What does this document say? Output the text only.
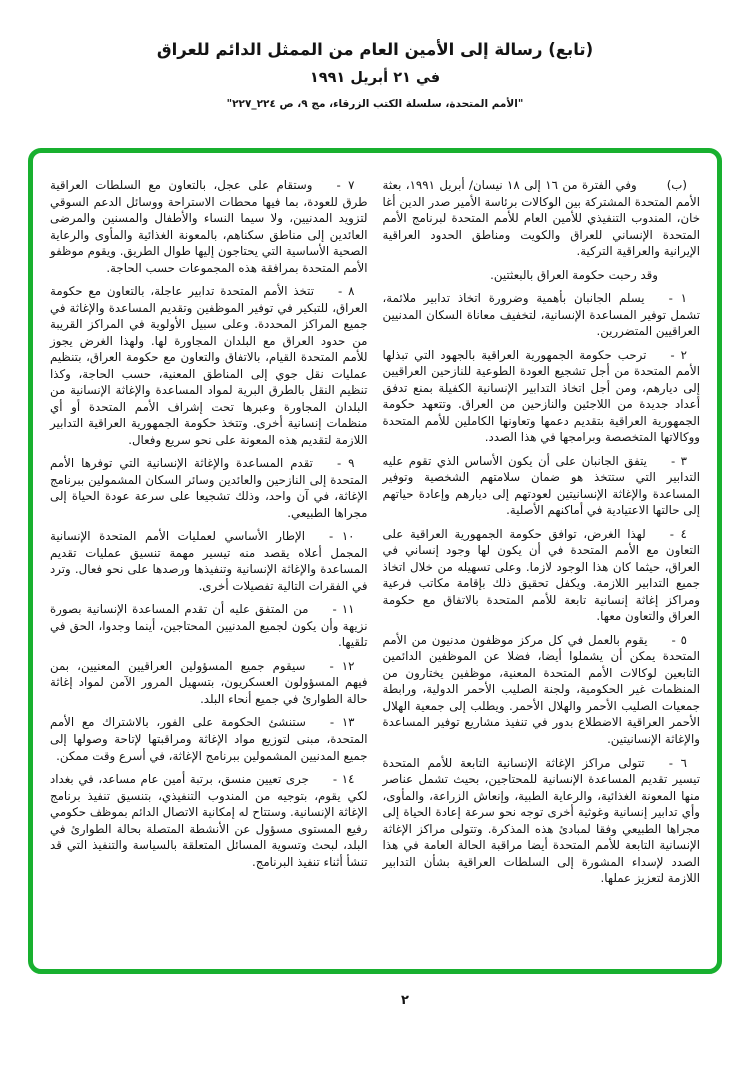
(تابع) رسالة إلى الأمين العام من الممثل الدائم للعراق

في ٢١ أبريل ١٩٩١

"الأمم المتحدة، سلسلة الكتب الزرقاء، مج ٩، ص ٢٢٤_٢٢٧"

(ب)وفي الفترة من ١٦ إلى ١٨ نيسان/ أبريل ١٩٩١، بعثة الأمم المتحدة المشتركة بين الوكالات برئاسة الأمير صدر الدين أغا خان، المندوب التنفيذي للأمين العام للأمم المتحدة لبرنامج الأمم المتحدة الإنساني للعراق والكويت ومناطق الحدود العراقية الإيرانية والعراقية التركية.

وقد رحبت حكومة العراق بالبعثتين.

١ -يسلم الجانبان بأهمية وضرورة اتخاذ تدابير ملائمة، تشمل توفير المساعدة الإنسانية، لتخفيف معاناة السكان المدنيين العراقيين المتضررين.

٢ -ترحب حكومة الجمهورية العراقية بالجهود التي تبذلها الأمم المتحدة من أجل تشجيع العودة الطوعية للنازحين العراقيين إلى ديارهم، ومن أجل اتخاذ التدابير الإنسانية الكفيلة بمنع تدفق أعداد جديدة من اللاجئين والنازحين من العراق. وتتعهد حكومة الجمهورية العراقية بتقديم دعمها وتعاونها الكاملين للأمم المتحدة ووكالاتها المتخصصة وبرامجها في هذا الصدد.

٣ -يتفق الجانبان على أن يكون الأساس الذي تقوم عليه التدابير التي ستتخذ هو ضمان سلامتهم الشخصية وتوفير المساعدة والإغاثة الإنسانيتين لعودتهم إلى ديارهم وإعادة حياتهم إلى حالتها الاعتيادية في أماكنهم الأصلية.

٤ -لهذا الغرض، توافق حكومة الجمهورية العراقية على التعاون مع الأمم المتحدة في أن يكون لها وجود إنساني في العراق، حيثما كان هذا الوجود لازما. وعلى تسهيله من خلال اتخاذ جميع التدابير اللازمة. ويكفل تحقيق ذلك بإقامة مكاتب فرعية ومراكز إغاثة إنسانية تابعة للأمم المتحدة بالاتفاق مع حكومة العراق والتعاون معها.

٥ -يقوم بالعمل في كل مركز موظفون مدنيون من الأمم المتحدة يمكن أن يشملوا أيضا، فضلا عن الموظفين الدائمين التابعين لوكالات الأمم المتحدة المعنية، موظفين يختارون من المنظمات غير الحكومية، ولجنة الصليب الأحمر الدولية، ورابطة جمعيات الصليب الأحمر والهلال الأحمر. ويطلب إلى جمعية الهلال الأحمر العراقية الاضطلاع بدور في تنفيذ مشاريع توفير المساعدة والإغاثة الإنسانيتين.

٦ -تتولى مراكز الإغاثة الإنسانية التابعة للأمم المتحدة تيسير تقديم المساعدة الإنسانية للمحتاجين، بحيث تشمل عناصر منها المعونة الغذائية، والرعاية الطبية، وإنعاش الزراعة، والمأوى، وأي تدابير إنسانية وغوثية أخرى توجه نحو سرعة إعادة الحياة إلى مجراها الطبيعي وفقا لمبادئ هذه المذكرة. وتتولى مراكز الإغاثة الإنسانية التابعة للأمم المتحدة أيضا مراقبة الحالة العامة في هذا الصدد لإسداء المشورة إلى السلطات العراقية بشأن التدابير اللازمة لتعزيز عملها.

٧ -وستقام على عجل، بالتعاون مع السلطات العراقية طرق للعودة، بما فيها محطات الاستراحة ووسائل الدعم السوقي لتزويد المدنيين، ولا سيما النساء والأطفال والمسنين والمرضى العائدين إلى مناطق سكناهم، بالمعونة الغذائية والمأوى والرعاية الصحية الأساسية التي يحتاجون إليها طوال الطريق. ويقوم موظفو الأمم المتحدة بمرافقة هذه المجموعات حسب الحاجة.

٨ -تتخذ الأمم المتحدة تدابير عاجلة، بالتعاون مع حكومة العراق، للتبكير في توفير الموظفين وتقديم المساعدة والإغاثة في جميع المراكز المحددة. وعلى سبيل الأولوية في المراكز القريبة من حدود العراق مع البلدان المجاورة لها. ولهذا الغرض يجوز للأمم المتحدة القيام، بالاتفاق والتعاون مع حكومة العراق، بتنظيم عمليات نقل جوي إلى المناطق المعنية، حسب الحاجة، وكذا تنظيم النقل بالطرق البرية لمواد المساعدة والإغاثة الإنسانية من البلدان المجاورة وعبرها تحت إشراف الأمم المتحدة أو أي منظمات إنسانية أخرى. وتتخذ حكومة الجمهورية العراقية التدابير اللازمة لتقديم هذه المعونة على نحو سريع وفعال.

٩ -تقدم المساعدة والإغاثة الإنسانية التي توفرها الأمم المتحدة إلى النازحين والعائدين وسائر السكان المشمولين ببرنامج الإغاثة، في آن واحد، وذلك تشجيعا على سرعة عودة الحياة إلى مجراها الطبيعي.

١٠ -الإطار الأساسي لعمليات الأمم المتحدة الإنسانية المجمل أعلاه يقصد منه تيسير مهمة تنسيق عمليات تقديم المساعدة والإغاثة الإنسانية وتنفيذها ورصدها على نحو فعال. وترد في الفقرات التالية تفصيلات أخرى.

١١ -من المتفق عليه أن تقدم المساعدة الإنسانية بصورة نزيهة وأن يكون لجميع المدنيين المحتاجين، أينما وجدوا، الحق في تلقيها.

١٢ -سيقوم جميع المسؤولين العراقيين المعنيين، بمن فيهم المسؤولون العسكريون، بتسهيل المرور الآمن لمواد إغاثة حالة الطوارئ في جميع أنحاء البلد.

١٣ -ستنشئ الحكومة على الفور، بالاشتراك مع الأمم المتحدة، مبنى لتوزيع مواد الإغاثة ومراقبتها لإتاحة وصولها إلى جميع المدنيين المشمولين ببرنامج الإغاثة، في أسرع وقت ممكن.

١٤ -جرى تعيين منسق، برتبة أمين عام مساعد، في بغداد لكي يقوم، بتوجيه من المندوب التنفيذي، بتنسيق تنفيذ برنامج الإغاثة الإنسانية. وستتاح له إمكانية الاتصال الدائم بموظف حكومي رفيع المستوى مسؤول عن الأنشطة المتصلة بحالة الطوارئ في البلد، لبحث وتسوية المسائل المتعلقة بالسياسة والتنفيذ التي قد تنشأ أثناء تنفيذ البرنامج.

٢
